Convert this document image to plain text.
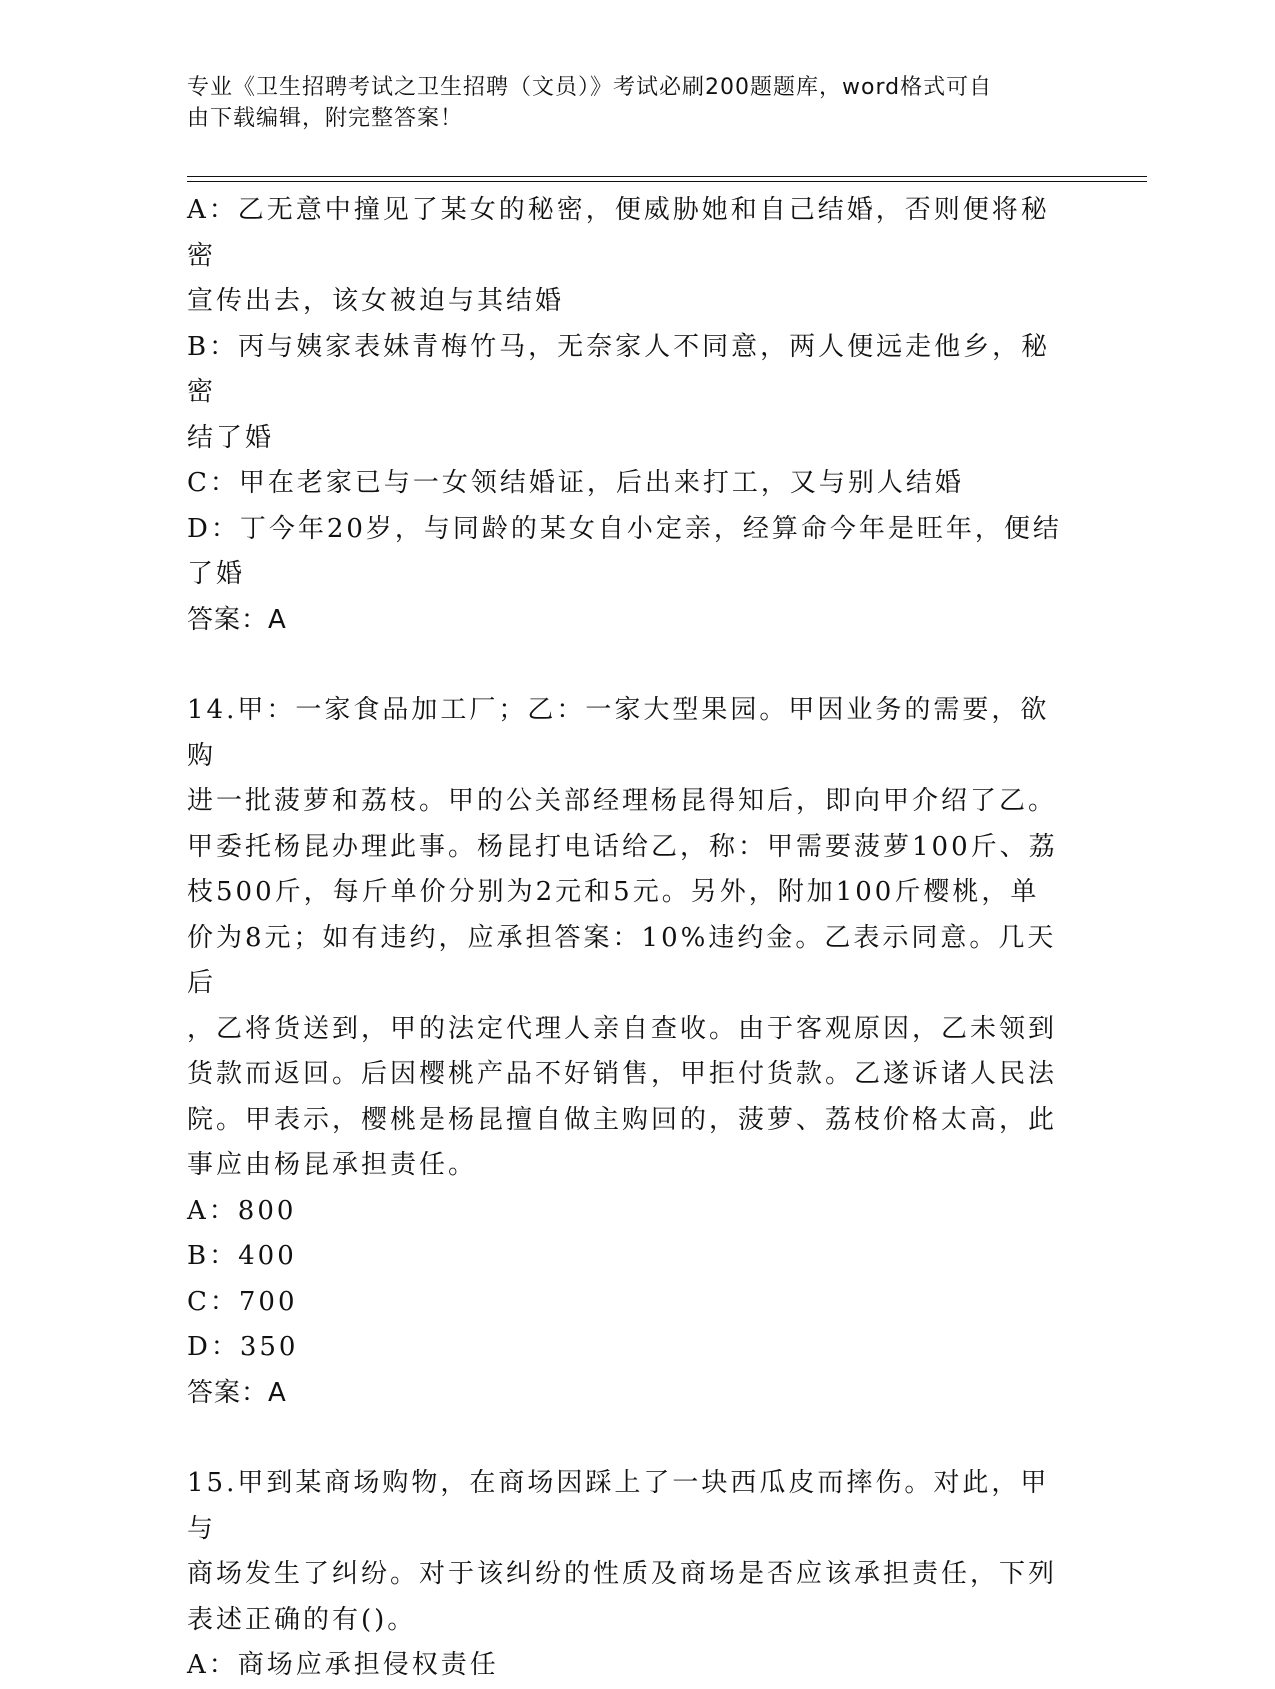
专业《卫生招聘考试之卫生招聘（文员）》考试必刷200题题库，word格式可自
由下载编辑，附完整答案！

A：乙无意中撞见了某女的秘密，便威胁她和自己结婚，否则便将秘密

宣传出去，该女被迫与其结婚

B：丙与姨家表妹青梅竹马，无奈家人不同意，两人便远走他乡，秘密

结了婚

C：甲在老家已与一女领结婚证，后出来打工，又与别人结婚

D：丁今年20岁，与同龄的某女自小定亲，经算命今年是旺年，便结

了婚

答案：A

14.甲：一家食品加工厂；乙：一家大型果园。甲因业务的需要，欲购

进一批菠萝和荔枝。甲的公关部经理杨昆得知后，即向甲介绍了乙。

甲委托杨昆办理此事。杨昆打电话给乙，称：甲需要菠萝100斤、荔

枝500斤，每斤单价分别为2元和5元。另外，附加100斤樱桃，单

价为8元；如有违约，应承担答案：10%违约金。乙表示同意。几天后

，乙将货送到，甲的法定代理人亲自查收。由于客观原因，乙未领到

货款而返回。后因樱桃产品不好销售，甲拒付货款。乙遂诉诸人民法

院。甲表示，樱桃是杨昆擅自做主购回的，菠萝、荔枝价格太高，此

事应由杨昆承担责任。

A：800

B：400

C：700

D：350

答案：A

15.甲到某商场购物，在商场因踩上了一块西瓜皮而摔伤。对此，甲与

商场发生了纠纷。对于该纠纷的性质及商场是否应该承担责任，下列

表述正确的有()。

A：商场应承担侵权责任
